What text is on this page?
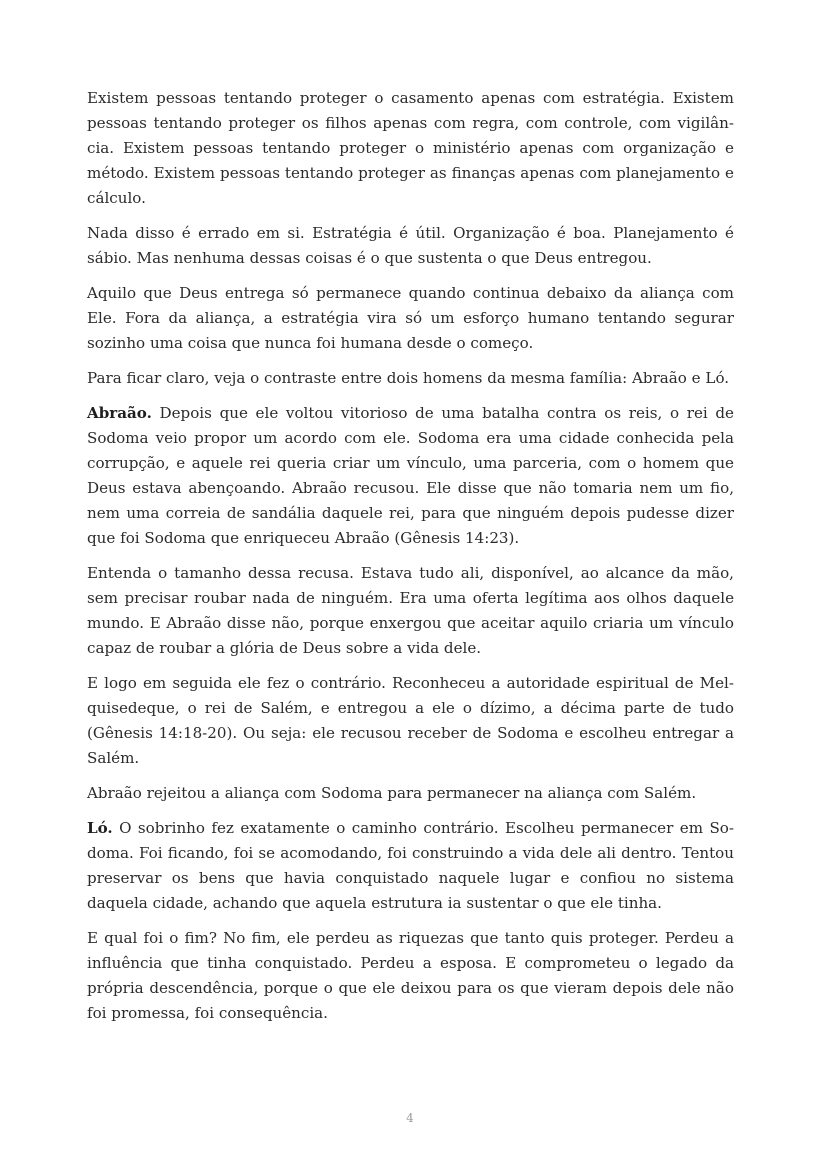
Existem pessoas tentando proteger o casamento apenas com estratégia. Existem pessoas tentando proteger os filhos apenas com regra, com controle, com vigilância. Existem pessoas tentando proteger o ministério apenas com organização e método. Existem pessoas tentando proteger as finanças apenas com planejamento e cálculo.

Nada disso é errado em si. Estratégia é útil. Organização é boa. Planejamento é sábio. Mas nenhuma dessas coisas é o que sustenta o que Deus entregou.

Aquilo que Deus entrega só permanece quando continua debaixo da aliança com Ele. Fora da aliança, a estratégia vira só um esforço humano tentando segurar sozinho uma coisa que nunca foi humana desde o começo.

Para ficar claro, veja o contraste entre dois homens da mesma família: Abraão e Ló.

Abraão. Depois que ele voltou vitorioso de uma batalha contra os reis, o rei de Sodoma veio propor um acordo com ele. Sodoma era uma cidade conhecida pela corrupção, e aquele rei queria criar um vínculo, uma parceria, com o homem que Deus estava abençoando. Abraão recusou. Ele disse que não tomaria nem um fio, nem uma correia de sandália daquele rei, para que ninguém depois pudesse dizer que foi Sodoma que enriqueceu Abraão (Gênesis 14:23).

Entenda o tamanho dessa recusa. Estava tudo ali, disponível, ao alcance da mão, sem precisar roubar nada de ninguém. Era uma oferta legítima aos olhos daquele mundo. E Abraão disse não, porque enxergou que aceitar aquilo criaria um vínculo capaz de roubar a glória de Deus sobre a vida dele.

E logo em seguida ele fez o contrário. Reconheceu a autoridade espiritual de Melquisedeque, o rei de Salém, e entregou a ele o dízimo, a décima parte de tudo (Gênesis 14:18-20). Ou seja: ele recusou receber de Sodoma e escolheu entregar a Salém.

Abraão rejeitou a aliança com Sodoma para permanecer na aliança com Salém.

Ló. O sobrinho fez exatamente o caminho contrário. Escolheu permanecer em Sodoma. Foi ficando, foi se acomodando, foi construindo a vida dele ali dentro. Tentou preservar os bens que havia conquistado naquele lugar e confiou no sistema daquela cidade, achando que aquela estrutura ia sustentar o que ele tinha.

E qual foi o fim? No fim, ele perdeu as riquezas que tanto quis proteger. Perdeu a influência que tinha conquistado. Perdeu a esposa. E comprometeu o legado da própria descendência, porque o que ele deixou para os que vieram depois dele não foi promessa, foi consequência.

4
